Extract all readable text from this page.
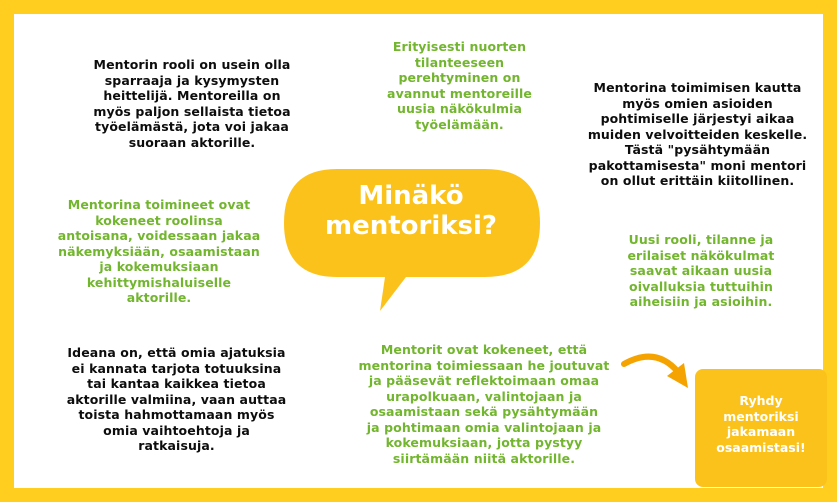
Mentorin rooli on usein olla
sparraaja ja kysymysten
heittelijä. Mentoreilla on
myös paljon sellaista tietoa
työelämästä, jota voi jakaa
suoraan aktorille.
Erityisesti nuorten
tilanteeseen
perehtyminen on
avannut mentoreille
uusia näkökulmia
työelämään.
Mentorina toimimisen kautta
myös omien asioiden
pohtimiselle järjestyi aikaa
muiden velvoitteiden keskelle.
Tästä "pysähtymään
pakottamisesta" moni mentori
on ollut erittäin kiitollinen.
Mentorina toimineet ovat
kokeneet roolinsa
antoisana, voidessaan jakaa
näkemyksiään, osaamistaan
ja kokemuksiaan
kehittymishaluiselle
aktorille.
Uusi rooli, tilanne ja
erilaiset näkökulmat
saavat aikaan uusia
oivalluksia tuttuihin
aiheisiin ja asioihin.
Ideana on, että omia ajatuksia
ei kannata tarjota totuuksina
tai kantaa kaikkea tietoa
aktorille valmiina, vaan auttaa
toista hahmottamaan myös
omia vaihtoehtoja ja
ratkaisuja.
Mentorit ovat kokeneet, että
mentorina toimiessaan he joutuvat
ja pääsevät reflektoimaan omaa
urapolkuaan, valintojaan ja
osaamistaan sekä pysähtymään
ja pohtimaan omia valintojaan ja
kokemuksiaan, jotta pystyy
siirtämään niitä aktorille.
Minäkö
mentoriksi?
Ryhdy
mentoriksi
jakamaan
osaamistasi!
